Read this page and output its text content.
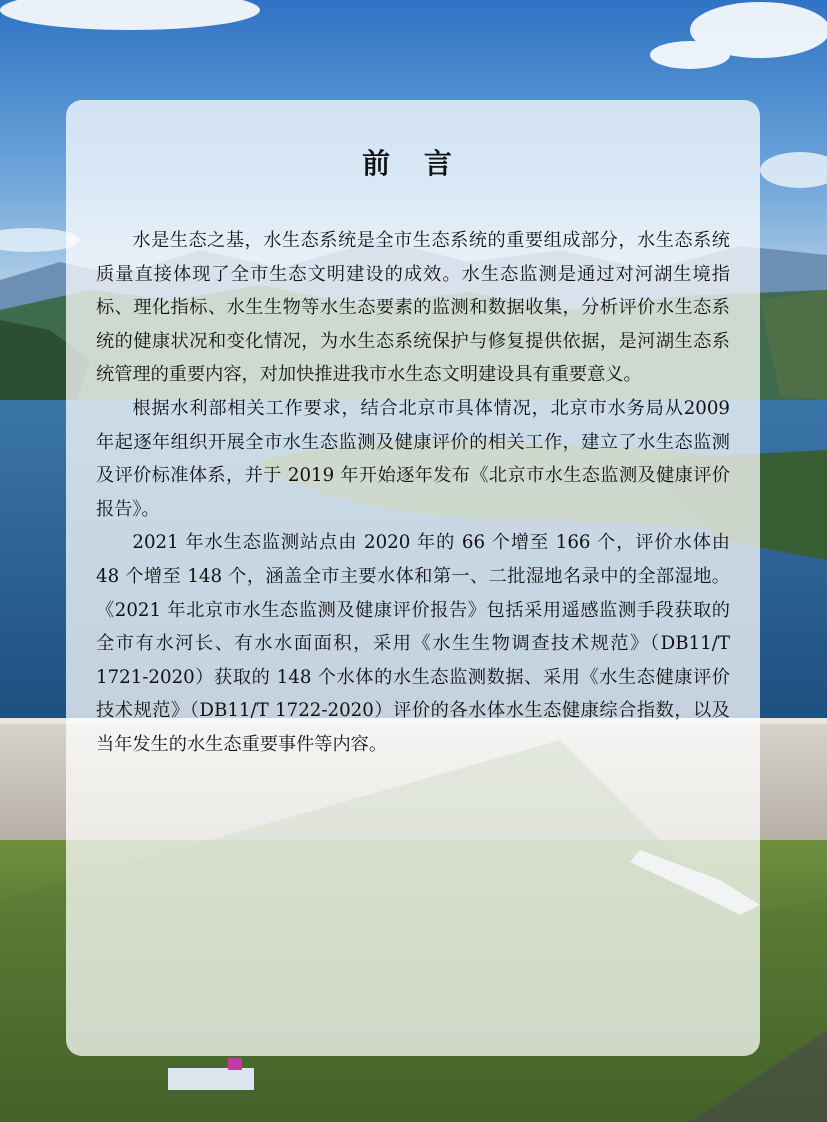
前 言

水是生态之基，水生态系统是全市生态系统的重要组成部分，水生态系统质量直接体现了全市生态文明建设的成效。水生态监测是通过对河湖生境指标、理化指标、水生生物等水生态要素的监测和数据收集，分析评价水生态系统的健康状况和变化情况，为水生态系统保护与修复提供依据，是河湖生态系统管理的重要内容，对加快推进我市水生态文明建设具有重要意义。

根据水利部相关工作要求，结合北京市具体情况，北京市水务局从2009 年起逐年组织开展全市水生态监测及健康评价的相关工作，建立了水生态监测及评价标准体系，并于 2019 年开始逐年发布《北京市水生态监测及健康评价报告》。

2021 年水生态监测站点由 2020 年的 66 个增至 166 个，评价水体由 48 个增至 148 个，涵盖全市主要水体和第一、二批湿地名录中的全部湿地。《2021 年北京市水生态监测及健康评价报告》包括采用遥感监测手段获取的全市有水河长、有水水面面积，采用《水生生物调查技术规范》（DB11/T 1721-2020）获取的 148 个水体的水生态监测数据、采用《水生态健康评价技术规范》（DB11/T 1722-2020）评价的各水体水生态健康综合指数，以及当年发生的水生态重要事件等内容。
